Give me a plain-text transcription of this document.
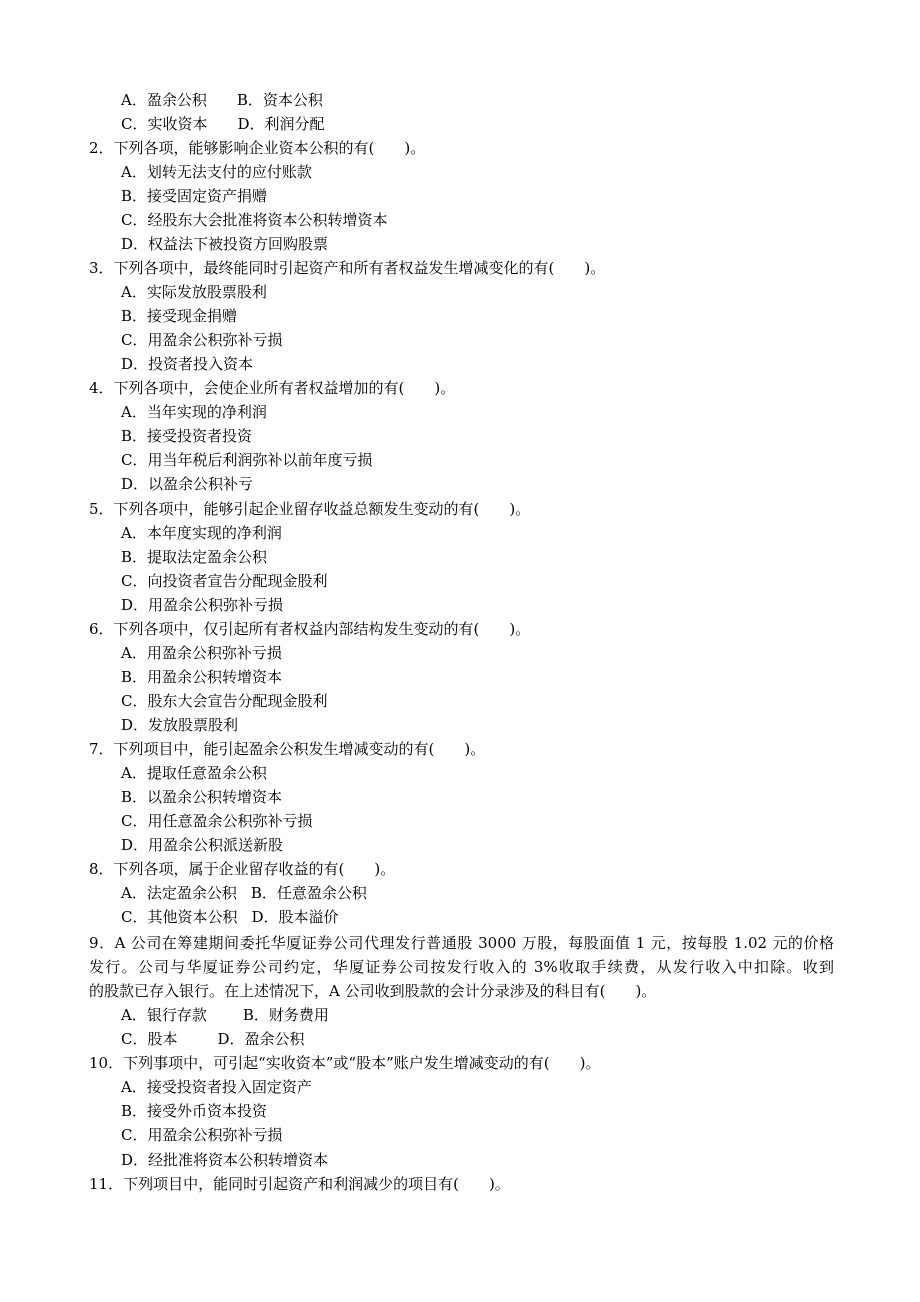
A．盈余公积 B．资本公积
C．实收资本 D．利润分配
2．下列各项，能够影响企业资本公积的有(　　)。
A．划转无法支付的应付账款
B．接受固定资产捐赠
C．经股东大会批准将资本公积转增资本
D．权益法下被投资方回购股票
3．下列各项中，最终能同时引起资产和所有者权益发生增减变化的有(　　)。
A．实际发放股票股利
B．接受现金捐赠
C．用盈余公积弥补亏损
D．投资者投入资本
4．下列各项中，会使企业所有者权益增加的有(　　)。
A．当年实现的净利润
B．接受投资者投资
C．用当年税后利润弥补以前年度亏损
D．以盈余公积补亏
5．下列各项中，能够引起企业留存收益总额发生变动的有(　　)。
A．本年度实现的净利润
B．提取法定盈余公积
C．向投资者宣告分配现金股利
D．用盈余公积弥补亏损
6．下列各项中，仅引起所有者权益内部结构发生变动的有(　　)。
A．用盈余公积弥补亏损
B．用盈余公积转增资本
C．股东大会宣告分配现金股利
D．发放股票股利
7．下列项目中，能引起盈余公积发生增减变动的有(　　)。
A．提取任意盈余公积
B．以盈余公积转增资本
C．用任意盈余公积弥补亏损
D．用盈余公积派送新股
8．下列各项，属于企业留存收益的有(　　)。
A．法定盈余公积 B．任意盈余公积
C．其他资本公积 D．股本溢价
9．A 公司在筹建期间委托华厦证券公司代理发行普通股 3000 万股，每股面值 1 元，按每股 1.02 元的价格
发行。公司与华厦证券公司约定，华厦证券公司按发行收入的 3%收取手续费，从发行收入中扣除。收到
的股款已存入银行。在上述情况下，A 公司收到股款的会计分录涉及的科目有(　　)。
A．银行存款 B．财务费用
C．股本	D．盈余公积
10．下列事项中，可引起“实收资本”或“股本”账户发生增减变动的有(　　)。
A．接受投资者投入固定资产
B．接受外币资本投资
C．用盈余公积弥补亏损
D．经批准将资本公积转增资本
11．下列项目中，能同时引起资产和利润减少的项目有(　　)。
